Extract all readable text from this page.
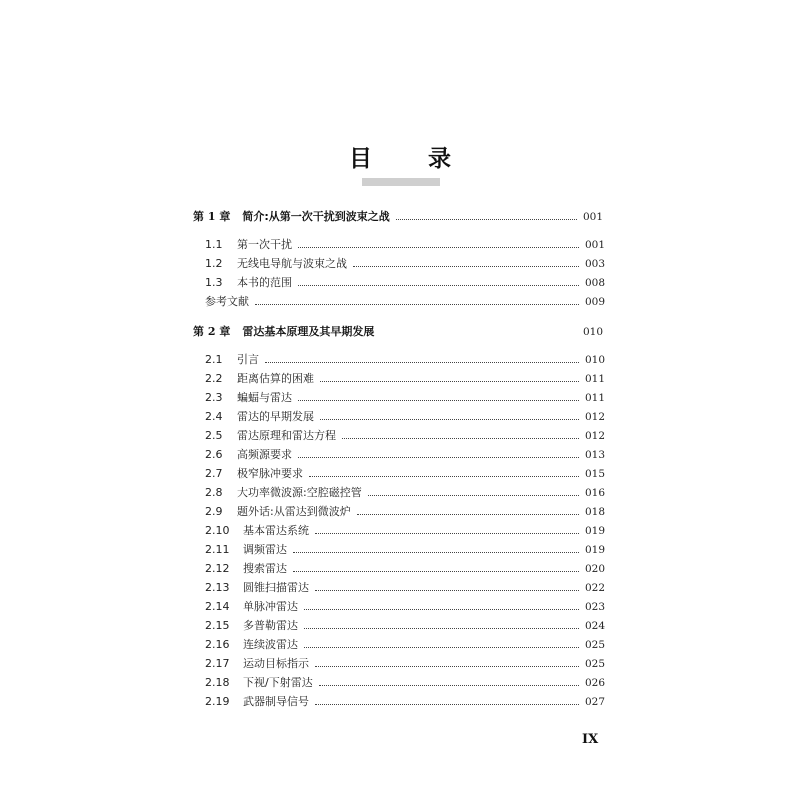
目 录
第 1 章 简介:从第一次干扰到波束之战	001
1.1	第一次干扰	001
1.2	无线电导航与波束之战	003
1.3	本书的范围	008
参考文献	009
第 2 章 雷达基本原理及其早期发展	010
2.1	引言	010
2.2	距离估算的困难	011
2.3	蝙蝠与雷达	011
2.4	雷达的早期发展	012
2.5	雷达原理和雷达方程	012
2.6	高频源要求	013
2.7	极窄脉冲要求	015
2.8	大功率微波源:空腔磁控管	016
2.9	题外话:从雷达到微波炉	018
2.10	基本雷达系统	019
2.11	调频雷达	019
2.12	搜索雷达	020
2.13	圆锥扫描雷达	022
2.14	单脉冲雷达	023
2.15	多普勒雷达	024
2.16	连续波雷达	025
2.17	运动目标指示	025
2.18	下视/下射雷达	026
2.19	武器制导信号	027
IX
